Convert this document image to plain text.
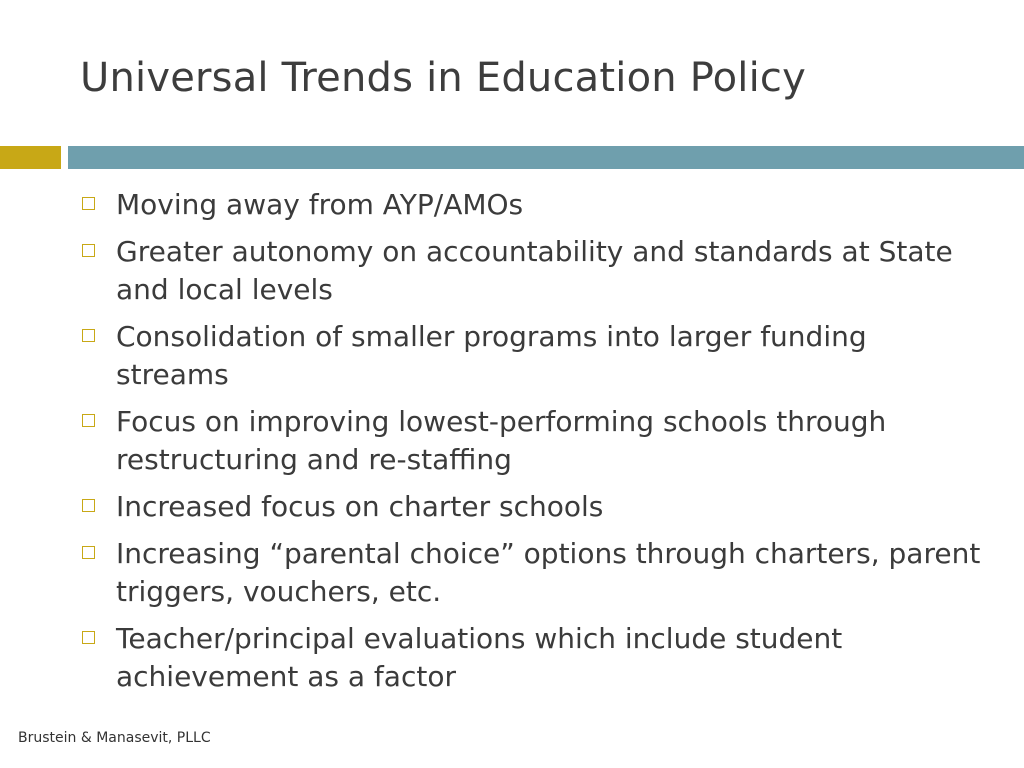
Universal Trends in Education Policy
Moving away from AYP/AMOs
Greater autonomy on accountability and standards at State and local levels
Consolidation of smaller programs into larger funding streams
Focus on improving lowest-performing schools through restructuring and re-staffing
Increased focus on charter schools
Increasing “parental choice” options through charters, parent triggers, vouchers, etc.
Teacher/principal evaluations which include student achievement as a factor
Brustein & Manasevit, PLLC
